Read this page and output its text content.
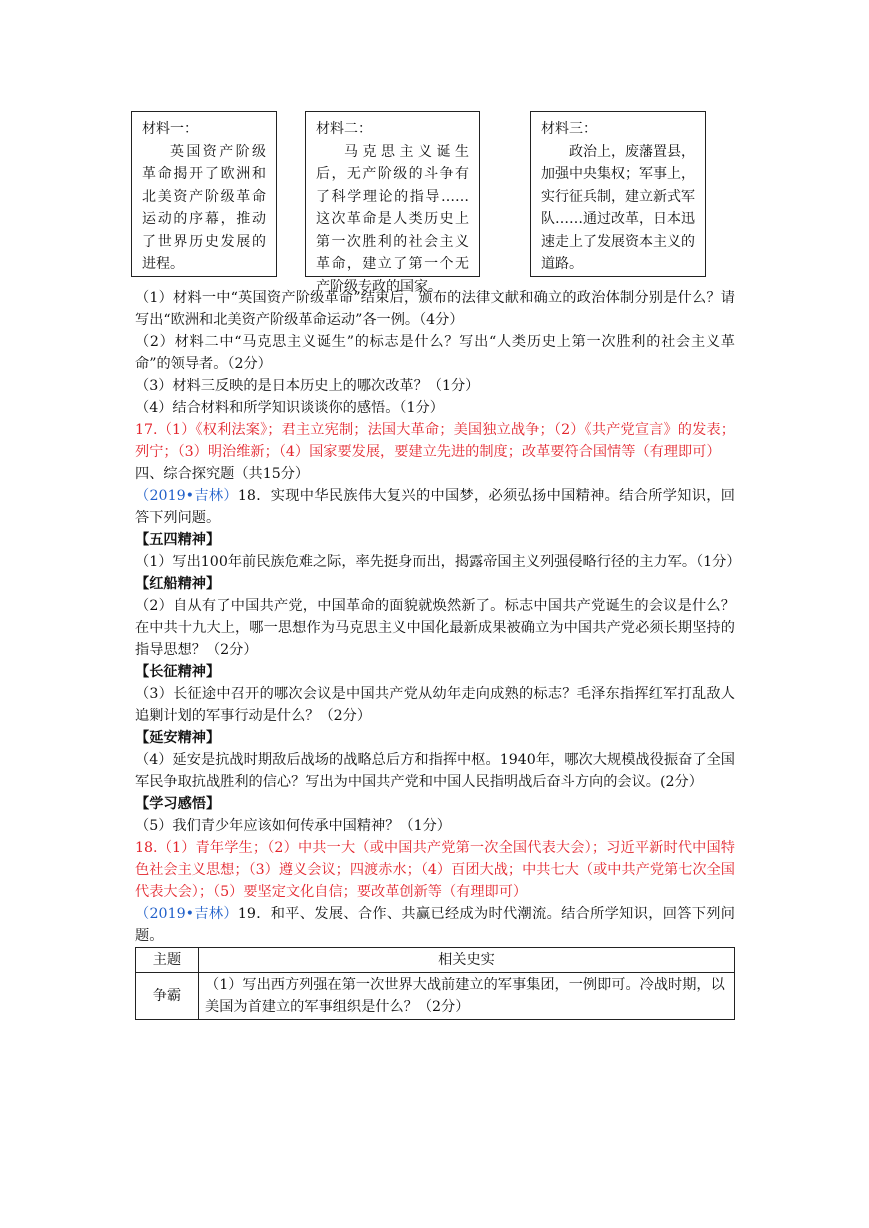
材料一：
英国资产阶级革命揭开了欧洲和北美资产阶级革命运动的序幕，推动了世界历史发展的进程。
材料二：
马克思主义诞生后，无产阶级的斗争有了科学理论的指导……这次革命是人类历史上第一次胜利的社会主义革命，建立了第一个无产阶级专政的国家。
材料三：
政治上，废藩置县，加强中央集权；军事上，实行征兵制，建立新式军队……通过改革，日本迅速走上了发展资本主义的道路。

（1）材料一中“英国资产阶级革命”结束后，颁布的法律文献和确立的政治体制分别是什么？请写出“欧洲和北美资产阶级革命运动”各一例。（4分）

（2）材料二中“马克思主义诞生”的标志是什么？写出“人类历史上第一次胜利的社会主义革命”的领导者。（2分）

（3）材料三反映的是日本历史上的哪次改革？（1分）

（4）结合材料和所学知识谈谈你的感悟。（1分）

17.（1）《权利法案》；君主立宪制；法国大革命；美国独立战争；（2）《共产党宣言》的发表；列宁；（3）明治维新；（4）国家要发展，要建立先进的制度；改革要符合国情等（有理即可）

四、综合探究题（共15分）

（2019•吉林）18．实现中华民族伟大复兴的中国梦，必须弘扬中国精神。结合所学知识，回答下列问题。

【五四精神】

（1）写出100年前民族危难之际，率先挺身而出，揭露帝国主义列强侵略行径的主力军。（1分）

【红船精神】

（2）自从有了中国共产党，中国革命的面貌就焕然新了。标志中国共产党诞生的会议是什么？在中共十九大上，哪一思想作为马克思主义中国化最新成果被确立为中国共产党必须长期坚持的指导思想？（2分）

【长征精神】

（3）长征途中召开的哪次会议是中国共产党从幼年走向成熟的标志？毛泽东指挥红军打乱敌人追剿计划的军事行动是什么？（2分）

【延安精神】

（4）延安是抗战时期敌后战场的战略总后方和指挥中枢。1940年，哪次大规模战役振奋了全国军民争取抗战胜利的信心？写出为中国共产党和中国人民指明战后奋斗方向的会议。(2分）

【学习感悟】

（5）我们青少年应该如何传承中国精神？（1分）

18.（1）青年学生；（2）中共一大（或中国共产党第一次全国代表大会）；习近平新时代中国特色社会主义思想；（3）遵义会议；四渡赤水；（4）百团大战；中共七大（或中共产党第七次全国代表大会）；（5）要坚定文化自信；要改革创新等（有理即可）

（2019•吉林）19．和平、发展、合作、共赢已经成为时代潮流。结合所学知识，回答下列问题。

主题	相关史实
争霸	（1）写出西方列强在第一次世界大战前建立的军事集团，一例即可。冷战时期，以美国为首建立的军事组织是什么？（2分）
